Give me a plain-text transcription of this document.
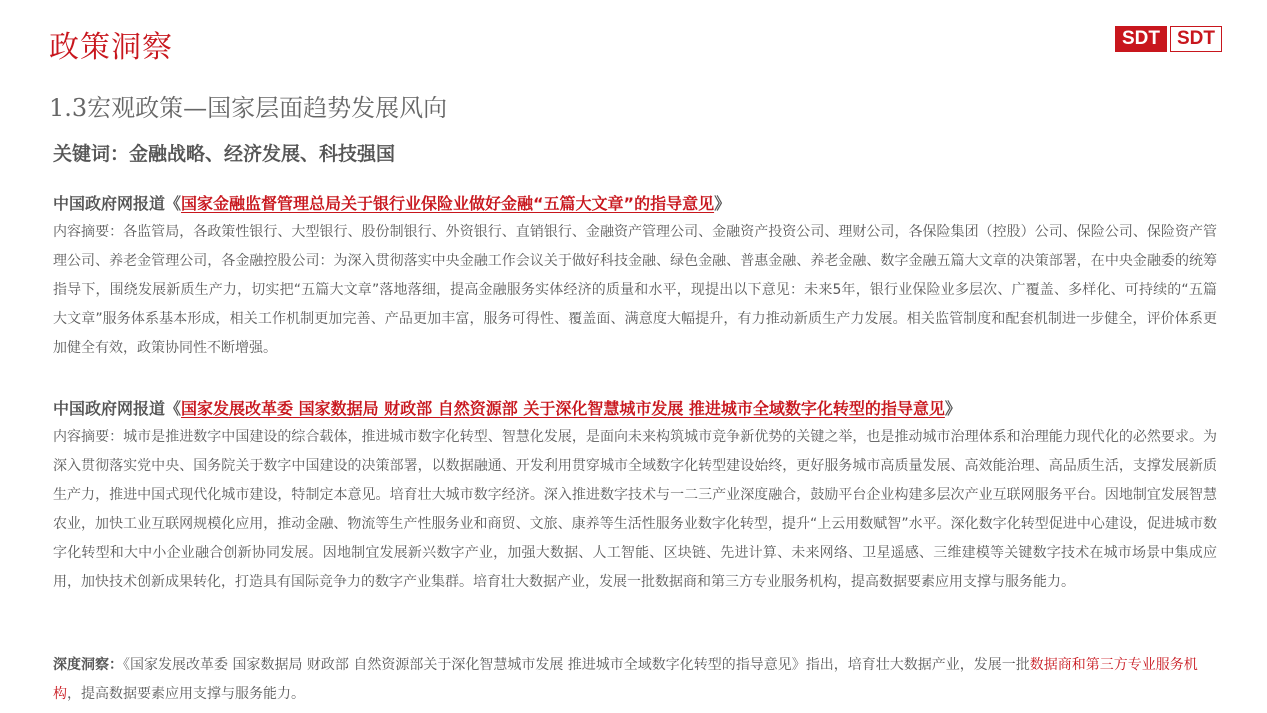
政策洞察	SDT SDT
1.3宏观政策—国家层面趋势发展风向
关键词：金融战略、经济发展、科技强国
中国政府网报道《国家金融监督管理总局关于银行业保险业做好金融“五篇大文章”的指导意见》
内容摘要：各监管局，各政策性银行、大型银行、股份制银行、外资银行、直销银行、金融资产管理公司、金融资产投资公司、理财公司，各保险集团（控股）公司、保险公司、保险资产管理公司、养老金管理公司，各金融控股公司：为深入贯彻落实中央金融工作会议关于做好科技金融、绿色金融、普惠金融、养老金融、数字金融五篇大文章的决策部署，在中央金融委的统筹指导下，围绕发展新质生产力，切实把“五篇大文章”落地落细，提高金融服务实体经济的质量和水平，现提出以下意见：未来5年，银行业保险业多层次、广覆盖、多样化、可持续的“五篇大文章”服务体系基本形成，相关工作机制更加完善、产品更加丰富，服务可得性、覆盖面、满意度大幅提升，有力推动新质生产力发展。相关监管制度和配套机制进一步健全，评价体系更加健全有效，政策协同性不断增强。
中国政府网报道《国家发展改革委 国家数据局 财政部 自然资源部 关于深化智慧城市发展 推进城市全域数字化转型的指导意见》
内容摘要：城市是推进数字中国建设的综合载体，推进城市数字化转型、智慧化发展，是面向未来构筑城市竞争新优势的关键之举，也是推动城市治理体系和治理能力现代化的必然要求。为深入贯彻落实党中央、国务院关于数字中国建设的决策部署，以数据融通、开发利用贯穿城市全域数字化转型建设始终，更好服务城市高质量发展、高效能治理、高品质生活，支撑发展新质生产力，推进中国式现代化城市建设，特制定本意见。培育壮大城市数字经济。深入推进数字技术与一二三产业深度融合，鼓励平台企业构建多层次产业互联网服务平台。因地制宜发展智慧农业，加快工业互联网规模化应用，推动金融、物流等生产性服务业和商贸、文旅、康养等生活性服务业数字化转型，提升“上云用数赋智”水平。深化数字化转型促进中心建设，促进城市数字化转型和大中小企业融合创新协同发展。因地制宜发展新兴数字产业，加强大数据、人工智能、区块链、先进计算、未来网络、卫星遥感、三维建模等关键数字技术在城市场景中集成应用，加快技术创新成果转化，打造具有国际竞争力的数字产业集群。培育壮大数据产业，发展一批数据商和第三方专业服务机构，提高数据要素应用支撑与服务能力。
深度洞察：《国家发展改革委 国家数据局 财政部 自然资源部关于深化智慧城市发展 推进城市全域数字化转型的指导意见》指出，培育壮大数据产业，发展一批数据商和第三方专业服务机构，提高数据要素应用支撑与服务能力。
